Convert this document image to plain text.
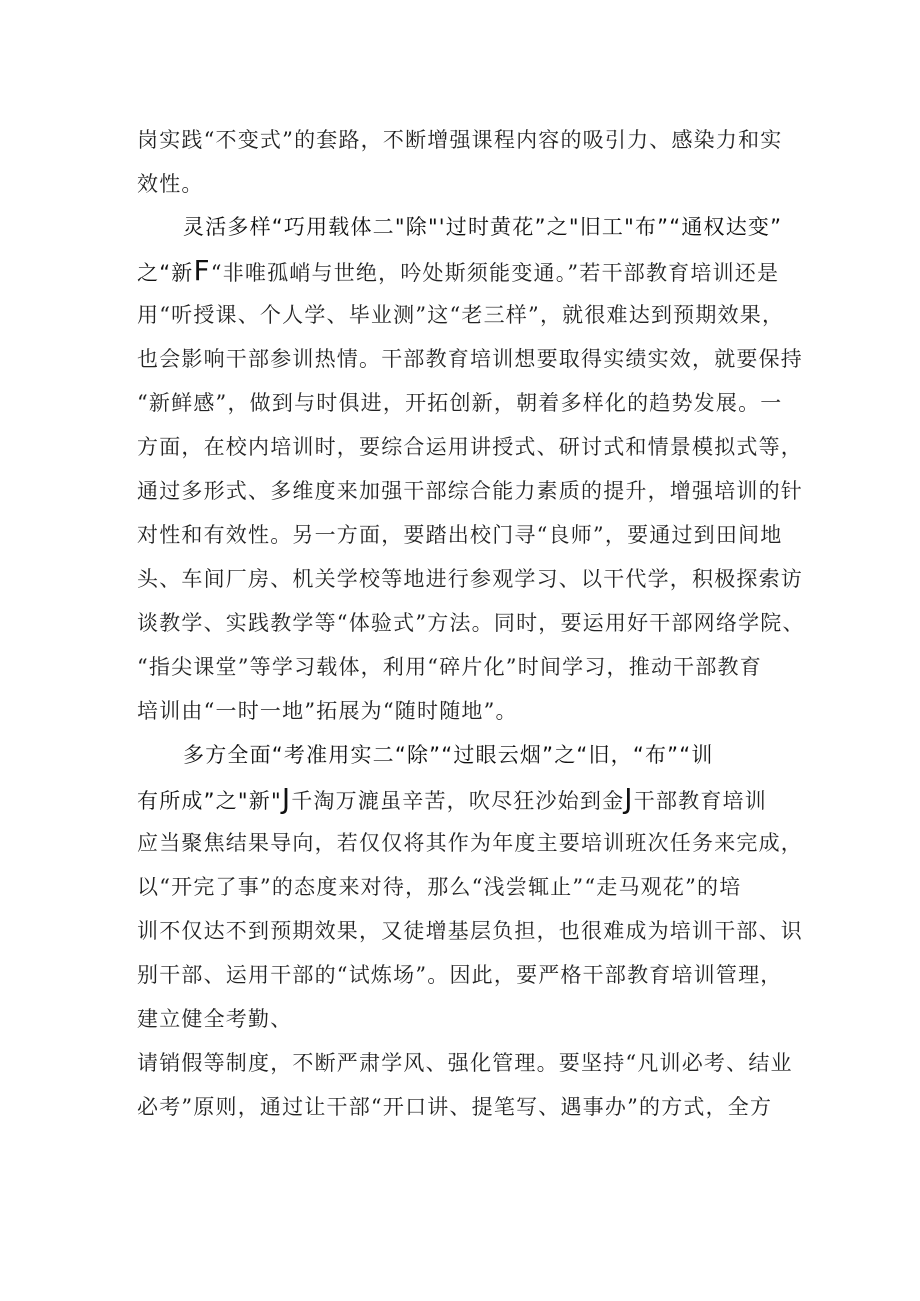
岗实践“不变式”的套路，不断增强课程内容的吸引力、感染力和实
效性。
灵活多样“巧用载体二"除"'过时黄花”之"旧工"布”“通权达变”
之“新F“非唯孤峭与世绝，吟处斯须能变通。”若干部教育培训还是
用“听授课、个人学、毕业测”这“老三样”，就很难达到预期效果，
也会影响干部参训热情。干部教育培训想要取得实绩实效，就要保持
“新鲜感”，做到与时俱进，开拓创新，朝着多样化的趋势发展。一
方面，在校内培训时，要综合运用讲授式、研讨式和情景模拟式等，
通过多形式、多维度来加强干部综合能力素质的提升，增强培训的针
对性和有效性。另一方面，要踏出校门寻“良师”，要通过到田间地
头、车间厂房、机关学校等地进行参观学习、以干代学，积极探索访
谈教学、实践教学等“体验式”方法。同时，要运用好干部网络学院、
“指尖课堂”等学习载体，利用“碎片化”时间学习，推动干部教育
培训由“一时一地”拓展为“随时随地”。
多方全面“考准用实二“除”“过眼云烟”之“旧，“布”“训
有所成”之"新"J千淘万漉虽辛苦，吹尽狂沙始到金J干部教育培训
应当聚焦结果导向，若仅仅将其作为年度主要培训班次任务来完成，
以“开完了事”的态度来对待，那么“浅尝辄止”“走马观花”的培
训不仅达不到预期效果，又徒增基层负担，也很难成为培训干部、识
别干部、运用干部的“试炼场”。因此，要严格干部教育培训管理，
建立健全考勤、
请销假等制度，不断严肃学风、强化管理。要坚持“凡训必考、结业
必考”原则，通过让干部“开口讲、提笔写、遇事办”的方式，全方
